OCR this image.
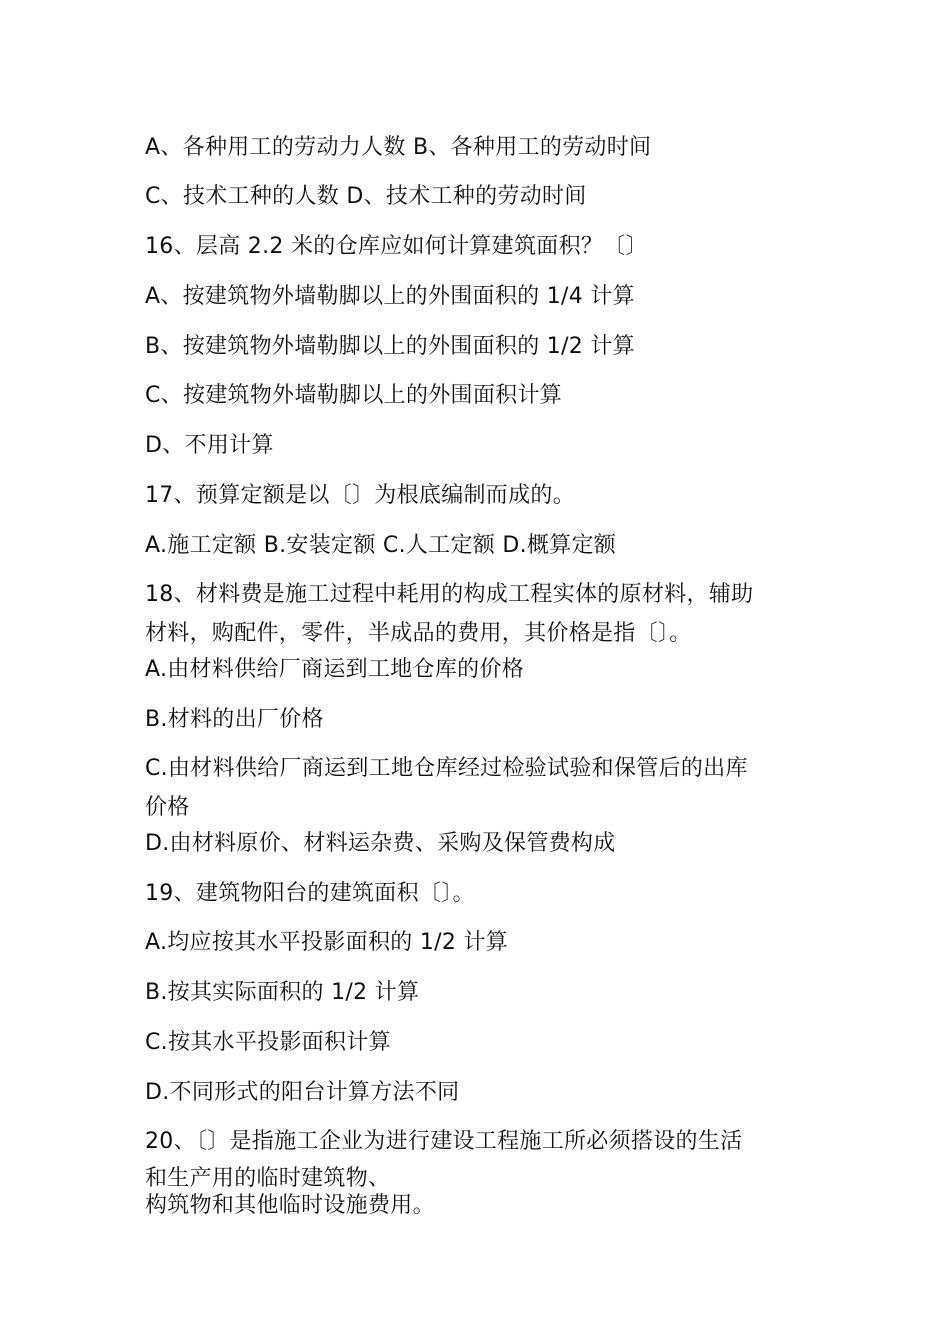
A、各种用工的劳动力人数 B、各种用工的劳动时间
C、技术工种的人数 D、技术工种的劳动时间
16、层高 2.2 米的仓库应如何计算建筑面积？〔〕
A、按建筑物外墙勒脚以上的外围面积的 1/4 计算
B、按建筑物外墙勒脚以上的外围面积的 1/2 计算
C、按建筑物外墙勒脚以上的外围面积计算
D、不用计算
17、预算定额是以〔〕为根底编制而成的。
A.施工定额 B.安装定额 C.人工定额 D.概算定额
18、材料费是施工过程中耗用的构成工程实体的原材料，辅助
材料，购配件，零件，半成品的费用，其价格是指〔〕。
A.由材料供给厂商运到工地仓库的价格
B.材料的出厂价格
C.由材料供给厂商运到工地仓库经过检验试验和保管后的出库
价格
D.由材料原价、材料运杂费、采购及保管费构成
19、建筑物阳台的建筑面积〔〕。
A.均应按其水平投影面积的 1/2 计算
B.按其实际面积的 1/2 计算
C.按其水平投影面积计算
D.不同形式的阳台计算方法不同
20、〔〕是指施工企业为进行建设工程施工所必须搭设的生活
和生产用的临时建筑物、
构筑物和其他临时设施费用。
